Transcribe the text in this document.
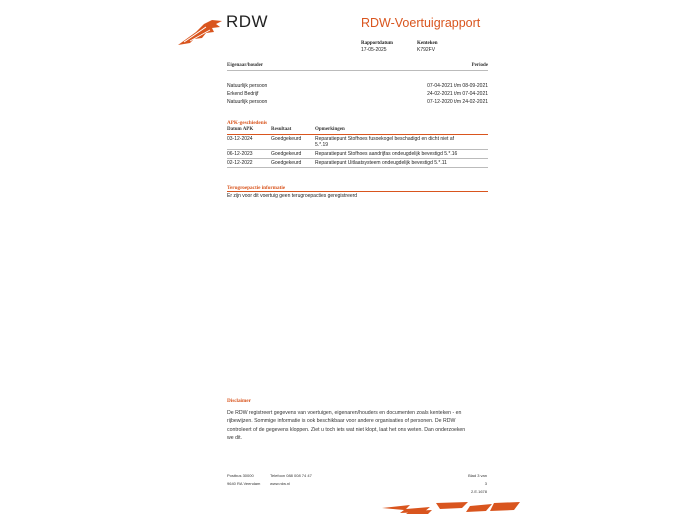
RDW	RDW-Voertuigrapport
Rapportdatum
17-05-2025
Kenteken
K792FV
Eigenaar/houder	Periode
Natuurlijk persoon	07-04-2021 t/m 08-09-2021
Erkend Bedrijf	24-02-2021 t/m 07-04-2021
Natuurlijk persoon	07-12-2020 t/m 24-02-2021
APK-geschiedenis
Datum APK	Resultaat	Opmerkingen
03-12-2024	Goedgekeurd	Reparatiepunt Stofhoes fusoekogel beschadigd en dicht niet af
5.*.19
06-12-2023	Goedgekeurd	Reparatiepunt Stofhoes aandrijfas ondeugdelijk bevestigd 5.*.16
02-12-2022	Goedgekeurd	Reparatiepunt Uitlaatsysteem ondeugdelijk bevestigd 5.*.11
Terugroepactie informatie
Er zijn voor dit voertuig geen terugroepacties geregistreerd
Disclaimer
De RDW registreert gegevens van voertuigen, eigenaren/houders en documenten zoals kenteken - en
rijbewijzen. Sommige informatie is ook beschikbaar voor andere organisaties of personen. De RDW
controleert of de gegevens kloppen. Ziet u toch iets wat niet klopt, laat het ons weten. Dan onderzoeken
we dit.
Postbus 30000
9640 RA Veendam
Telefoon 088 008 74 47
www.rdw.nl
Blad 3 van 3
2.E.1678
